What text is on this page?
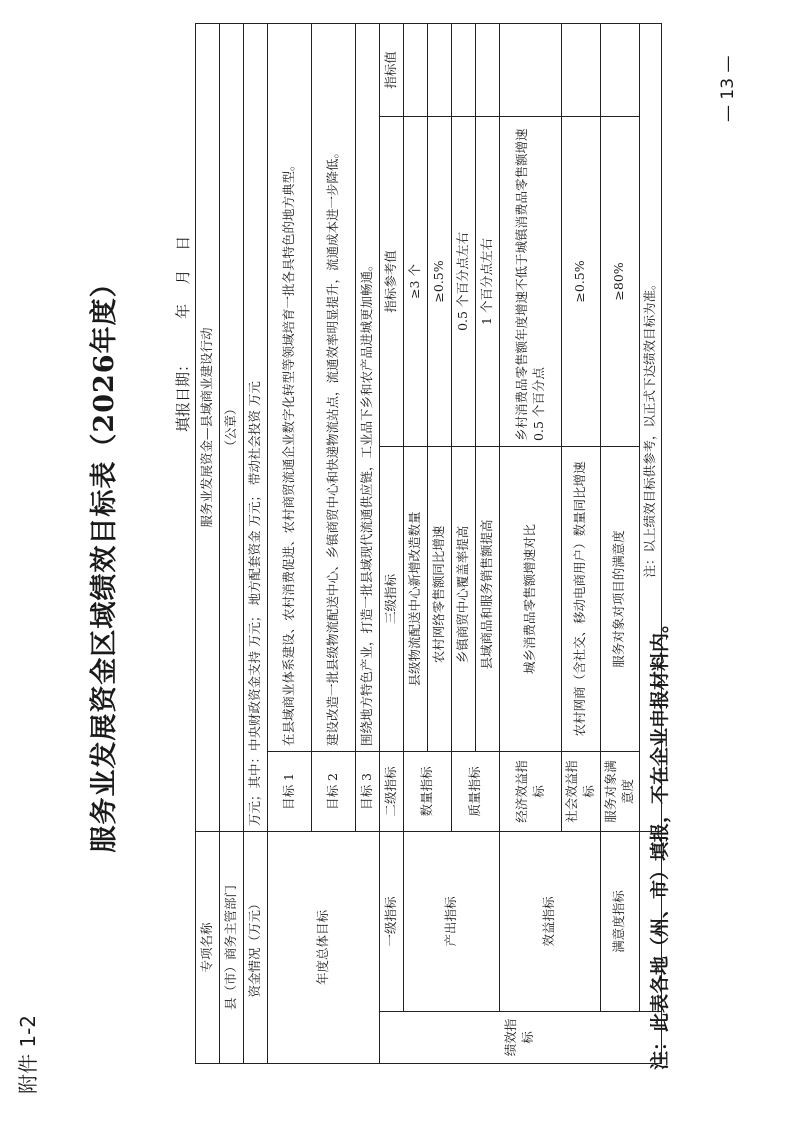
附件 1-2
服务业发展资金区域绩效目标表（2026年度）	填报日期：        年    月    日
专项名称		服务业发展资金—县域商业建设行动			
县（市）商务主管部门		（公章）			
资金情况（万元）		万元；其中：中央财政资金支持 万元； 地方配套资金 万元； 带动社会投资 万元			
年度总体目标		目标 1	在县域商业体系建设、农村消费促进、农村商贸流通企业数字化转型等领域培育一批各具特色的地方典型。		
		目标 2	建设改造一批县级物流配送中心、乡镇商贸中心和快递物流站点，流通效率明显提升，流通成本进一步降低。		
		目标 3	围绕地方特色产业，打造一批县域现代流通供应链，工业品下乡和农产品进城更加畅通。		
绩效指标	一级指标	二级指标	三级指标	指标参考值	指标值
	产出指标	数量指标	县级物流配送中心新增改造数量	≥3 个	
			农村网络零售额同比增速	≥0.5%	
		质量指标	乡镇商贸中心覆盖率提高	0.5 个百分点左右	
			县域商品和服务销售额提高	1 个百分点左右	
	效益指标	经济效益指标	城乡消费品零售额增速对比	乡村消费品零售额年度增速不低于城镇消费品零售额增速 0.5 个百分点	
		社会效益指标	农村网商（含社交、移动电商用户）数量同比增速	≥0.5%	
	满意度指标	服务对象满意度	服务对象对项目的满意度	≥80%	
		注：以上绩效目标供参考，以正式下达绩效目标为准。			
注：此表各地（州、市）填报，不在企业申报材料内。
— 13 —
